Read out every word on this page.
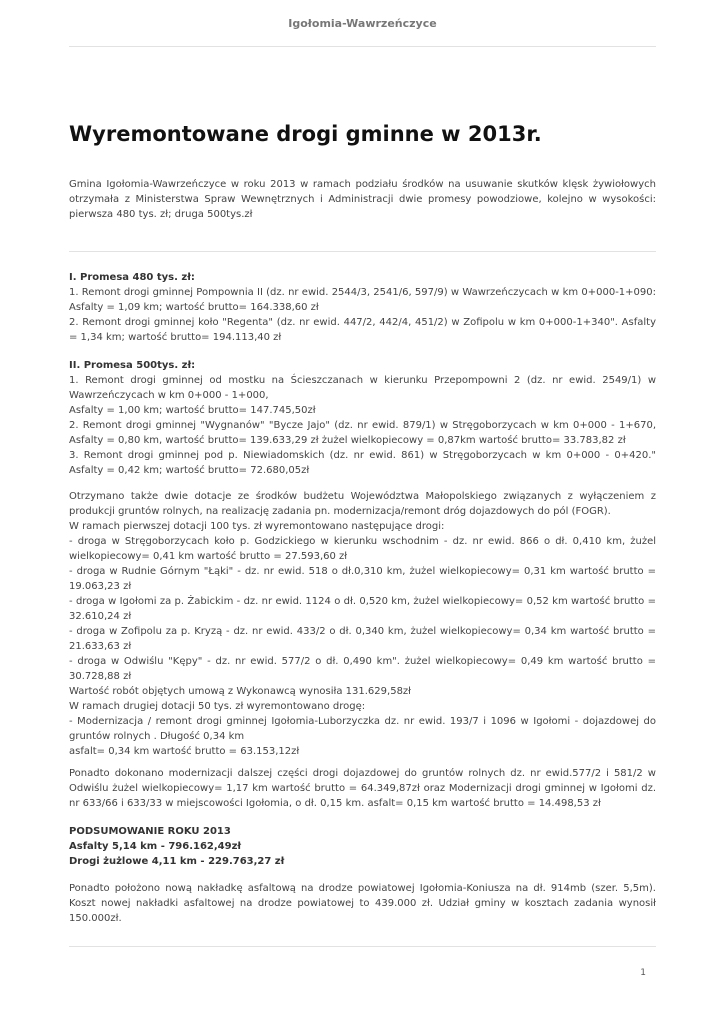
Igołomia-Wawrzeńczyce
Wyremontowane drogi gminne w 2013r.
Gmina Igołomia-Wawrzeńczyce w roku 2013 w ramach podziału środków na usuwanie skutków klęsk żywiołowych otrzymała z Ministerstwa Spraw Wewnętrznych i Administracji dwie promesy powodziowe, kolejno w wysokości: pierwsza 480 tys. zł; druga 500tys.zł
I. Promesa 480 tys. zł:
1. Remont drogi gminnej Pompownia II (dz. nr ewid. 2544/3, 2541/6, 597/9) w Wawrzeńczycach w km 0+000-1+090: Asfalty = 1,09 km; wartość brutto= 164.338,60 zł
2. Remont drogi gminnej koło "Regenta" (dz. nr ewid. 447/2, 442/4, 451/2) w Zofipolu w km 0+000-1+340". Asfalty = 1,34 km; wartość brutto= 194.113,40 zł
II. Promesa 500tys. zł:
1. Remont drogi gminnej od mostku na Ścieszczanach w kierunku Przepompowni 2 (dz. nr ewid. 2549/1) w Wawrzeńczycach w km 0+000 - 1+000,
Asfalty = 1,00 km; wartość brutto= 147.745,50zł
2. Remont drogi gminnej "Wygnanów" "Bycze Jajo" (dz. nr ewid. 879/1) w Stręgoborzycach w km 0+000 - 1+670, Asfalty = 0,80 km, wartość brutto= 139.633,29 zł żużel wielkopiecowy = 0,87km wartość brutto= 33.783,82 zł
3. Remont drogi gminnej pod p. Niewiadomskich (dz. nr ewid. 861) w Stręgoborzycach w km 0+000 - 0+420." Asfalty = 0,42 km; wartość brutto= 72.680,05zł
Otrzymano także dwie dotacje ze środków budżetu Województwa Małopolskiego związanych z wyłączeniem z produkcji gruntów rolnych, na realizację zadania pn. modernizacja/remont dróg dojazdowych do pól (FOGR).
W ramach pierwszej dotacji 100 tys. zł wyremontowano następujące drogi:
- droga w Stręgoborzycach koło p. Godzickiego w kierunku wschodnim - dz. nr ewid. 866 o dł. 0,410 km, żużel wielkopiecowy= 0,41 km wartość brutto = 27.593,60 zł
- droga w Rudnie Górnym "Łąki" - dz. nr ewid. 518 o dł.0,310 km, żużel wielkopiecowy= 0,31 km wartość brutto = 19.063,23 zł
- droga w Igołomi za p. Żabickim - dz. nr ewid. 1124 o dł. 0,520 km, żużel wielkopiecowy= 0,52 km wartość brutto = 32.610,24 zł
- droga w Zofipolu za p. Kryzą - dz. nr ewid. 433/2 o dł. 0,340 km, żużel wielkopiecowy= 0,34 km wartość brutto = 21.633,63 zł
- droga w Odwiślu "Kępy" - dz. nr ewid. 577/2 o dł. 0,490 km". żużel wielkopiecowy= 0,49 km wartość brutto = 30.728,88 zł
Wartość robót objętych umową z Wykonawcą wynosiła 131.629,58zł
W ramach drugiej dotacji 50 tys. zł wyremontowano drogę:
- Modernizacja / remont drogi gminnej Igołomia-Luborzyczka dz. nr ewid. 193/7 i 1096 w Igołomi - dojazdowej do gruntów rolnych . Długość 0,34 km
asfalt= 0,34 km wartość brutto = 63.153,12zł
Ponadto dokonano modernizacji dalszej części drogi dojazdowej do gruntów rolnych dz. nr ewid.577/2 i 581/2 w Odwiślu żużel wielkopiecowy= 1,17 km wartość brutto = 64.349,87zł oraz Modernizacji drogi gminnej w Igołomi dz. nr 633/66 i 633/33 w miejscowości Igołomia, o dł. 0,15 km. asfalt= 0,15 km wartość brutto = 14.498,53 zł
PODSUMOWANIE ROKU 2013
Asfalty 5,14 km - 796.162,49zł
Drogi żużlowe 4,11 km - 229.763,27 zł
Ponadto położono nową nakładkę asfaltową na drodze powiatowej Igołomia-Koniusza na dł. 914mb (szer. 5,5m). Koszt nowej nakładki asfaltowej na drodze powiatowej to 439.000 zł. Udział gminy w kosztach zadania wynosił 150.000zł.
1
